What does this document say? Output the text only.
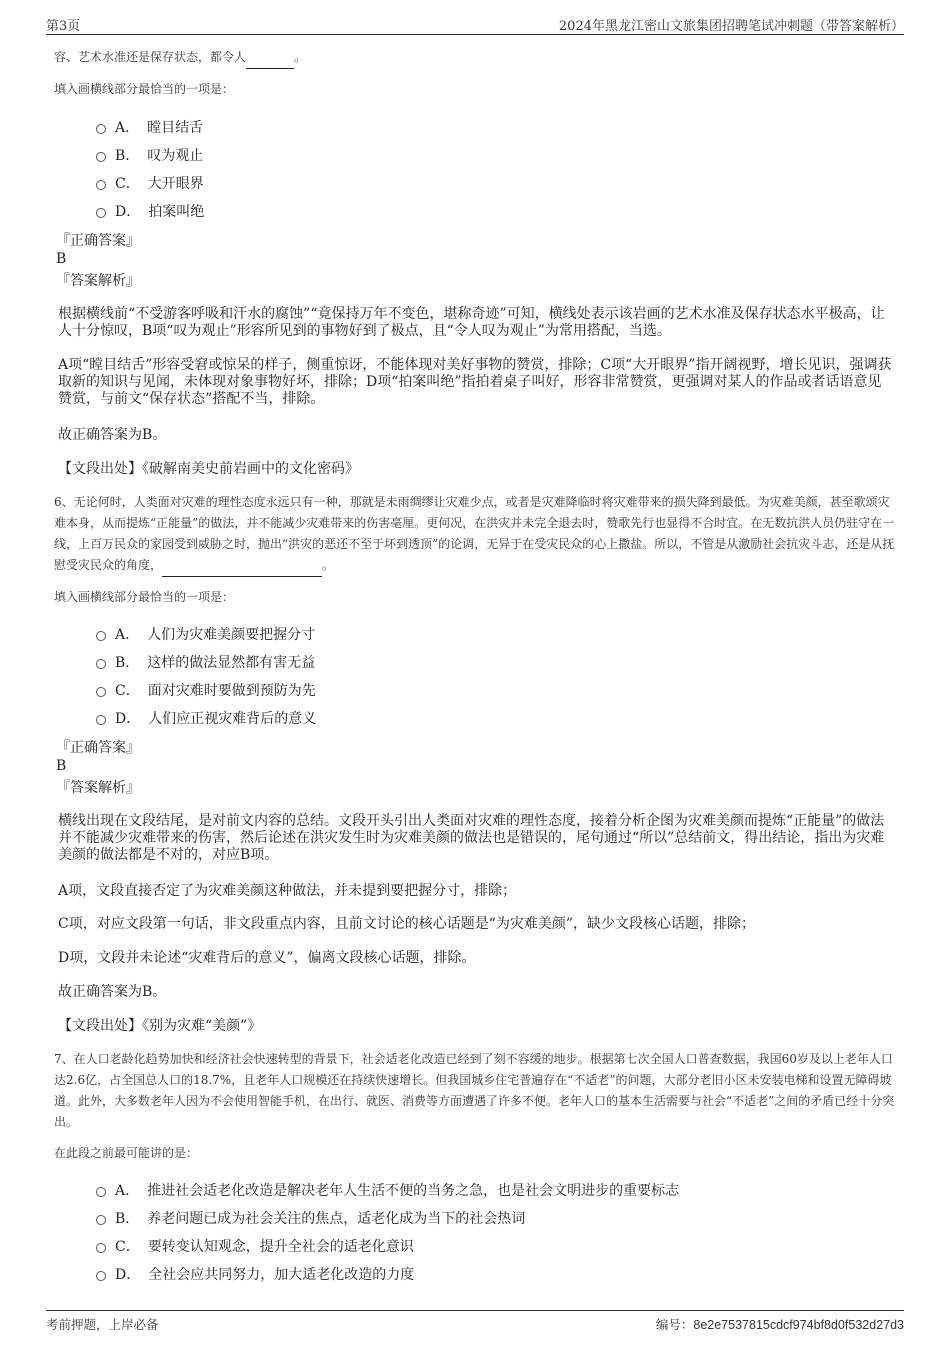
第3页	2024年黑龙江密山文旅集团招聘笔试冲刺题（带答案解析）
容、艺术水准还是保存状态，都令人	。
填入画横线部分最恰当的一项是：
A． 瞠目结舌
B． 叹为观止
C． 大开眼界
D． 拍案叫绝
『正确答案』
B
『答案解析』
根据横线前“不受游客呼吸和汗水的腐蚀”“竟保持万年不变色，堪称奇迹”可知，横线处表示该岩画的艺术水准及保存状态水平极高，让人十分惊叹，B项“叹为观止”形容所见到的事物好到了极点，且“令人叹为观止”为常用搭配，当选。
A项“瞠目结舌”形容受窘或惊呆的样子，侧重惊讶，不能体现对美好事物的赞赏，排除；C项“大开眼界”指开阔视野，增长见识，强调获取新的知识与见闻，未体现对象事物好坏，排除；D项“拍案叫绝”指拍着桌子叫好，形容非常赞赏，更强调对某人的作品或者话语意见赞赏，与前文“保存状态”搭配不当，排除。
故正确答案为B。
【文段出处】《破解南美史前岩画中的文化密码》
6、无论何时，人类面对灾难的理性态度永远只有一种，那就是未雨绸缪让灾难少点，或者是灾难降临时将灾难带来的损失降到最低。为灾难美颜，甚至歌颂灾难本身，从而提炼“正能量”的做法，并不能减少灾难带来的伤害毫厘。更何况，在洪灾并未完全退去时，赞歌先行也显得不合时宜。在无数抗洪人员仍驻守在一线，上百万民众的家园受到威胁之时，抛出“洪灾的恶还不至于坏到透顶”的论调，无异于在受灾民众的心上撒盐。所以，不管是从激励社会抗灾斗志，还是从抚慰受灾民众的角度，	。
填入画横线部分最恰当的一项是：
A． 人们为灾难美颜要把握分寸
B． 这样的做法显然都有害无益
C． 面对灾难时要做到预防为先
D． 人们应正视灾难背后的意义
『正确答案』
B
『答案解析』
横线出现在文段结尾，是对前文内容的总结。文段开头引出人类面对灾难的理性态度，接着分析企图为灾难美颜而提炼“正能量”的做法并不能减少灾难带来的伤害，然后论述在洪灾发生时为灾难美颜的做法也是错误的，尾句通过“所以”总结前文，得出结论，指出为灾难美颜的做法都是不对的，对应B项。
A项，文段直接否定了为灾难美颜这种做法，并未提到要把握分寸，排除；
C项，对应文段第一句话，非文段重点内容，且前文讨论的核心话题是“为灾难美颜”，缺少文段核心话题，排除；
D项，文段并未论述“灾难背后的意义”，偏离文段核心话题，排除。
故正确答案为B。
【文段出处】《别为灾难“美颜”》
7、在人口老龄化趋势加快和经济社会快速转型的背景下，社会适老化改造已经到了刻不容缓的地步。根据第七次全国人口普查数据，我国60岁及以上老年人口达2.6亿，占全国总人口的18.7%，且老年人口规模还在持续快速增长。但我国城乡住宅普遍存在“不适老”的问题，大部分老旧小区未安装电梯和设置无障碍坡道。此外，大多数老年人因为不会使用智能手机，在出行、就医、消费等方面遭遇了许多不便。老年人口的基本生活需要与社会“不适老”之间的矛盾已经十分突出。
在此段之前最可能讲的是：
A． 推进社会适老化改造是解决老年人生活不便的当务之急，也是社会文明进步的重要标志
B． 养老问题已成为社会关注的焦点，适老化成为当下的社会热词
C． 要转变认知观念，提升全社会的适老化意识
D． 全社会应共同努力，加大适老化改造的力度
考前押题，上岸必备	编号：8e2e7537815cdcf974bf8d0f532d27d3
